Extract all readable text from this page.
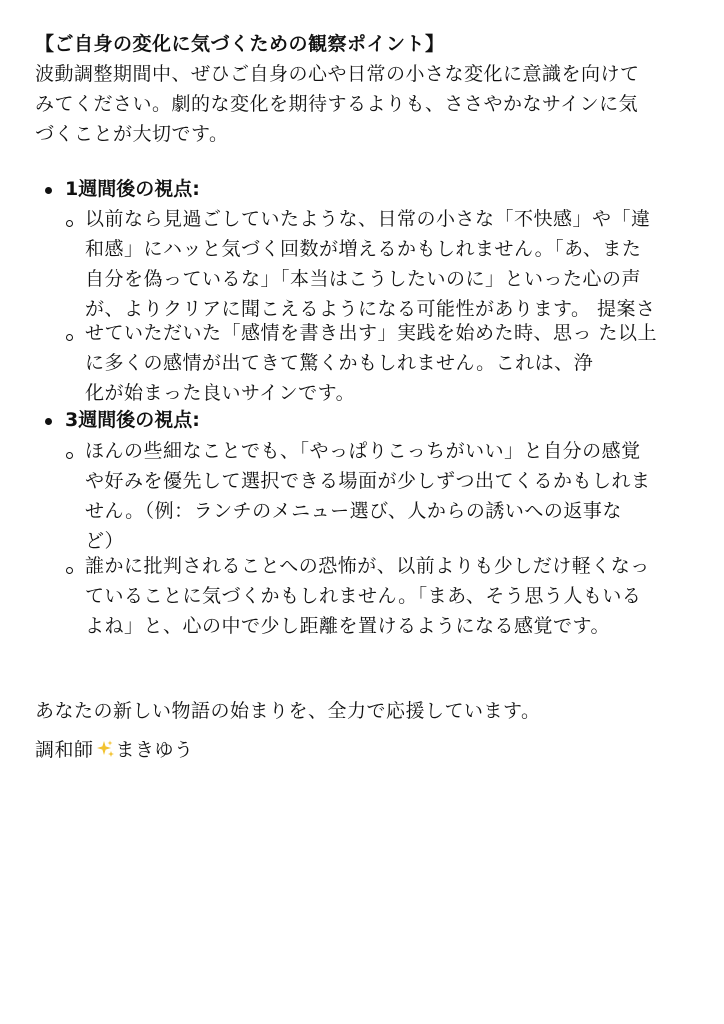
【ご自身の変化に気づくための観察ポイント】
波動調整期間中、ぜひご自身の心や日常の小さな変化に意識を向けて
みてください。劇的な変化を期待するよりも、ささやかなサインに気
づくことが大切です。
1週間後の視点:
以前なら見過ごしていたような、日常の小さな「不快感」や「違
和感」にハッと気づく回数が増えるかもしれません。「あ、また
自分を偽っているな」「本当はこうしたいのに」といった心の声
が、よりクリアに聞こえるようになる可能性があります。 提案さ
せていただいた「感情を書き出す」実践を始めた時、思っ た以上
に多くの感情が出てきて驚くかもしれません。これは、浄
化が始まった良いサインです。
3週間後の視点:
ほんの些細なことでも、「やっぱりこっちがいい」と自分の感覚
や好みを優先して選択できる場面が少しずつ出てくるかもしれま
せん。（例：ランチのメニュー選び、人からの誘いへの返事な
ど）
誰かに批判されることへの恐怖が、以前よりも少しだけ軽くなっ
ていることに気づくかもしれません。「まあ、そう思う人もいる
よね」と、心の中で少し距離を置けるようになる感覚です。
あなたの新しい物語の始まりを、全力で応援しています。
調和師 まきゆう
